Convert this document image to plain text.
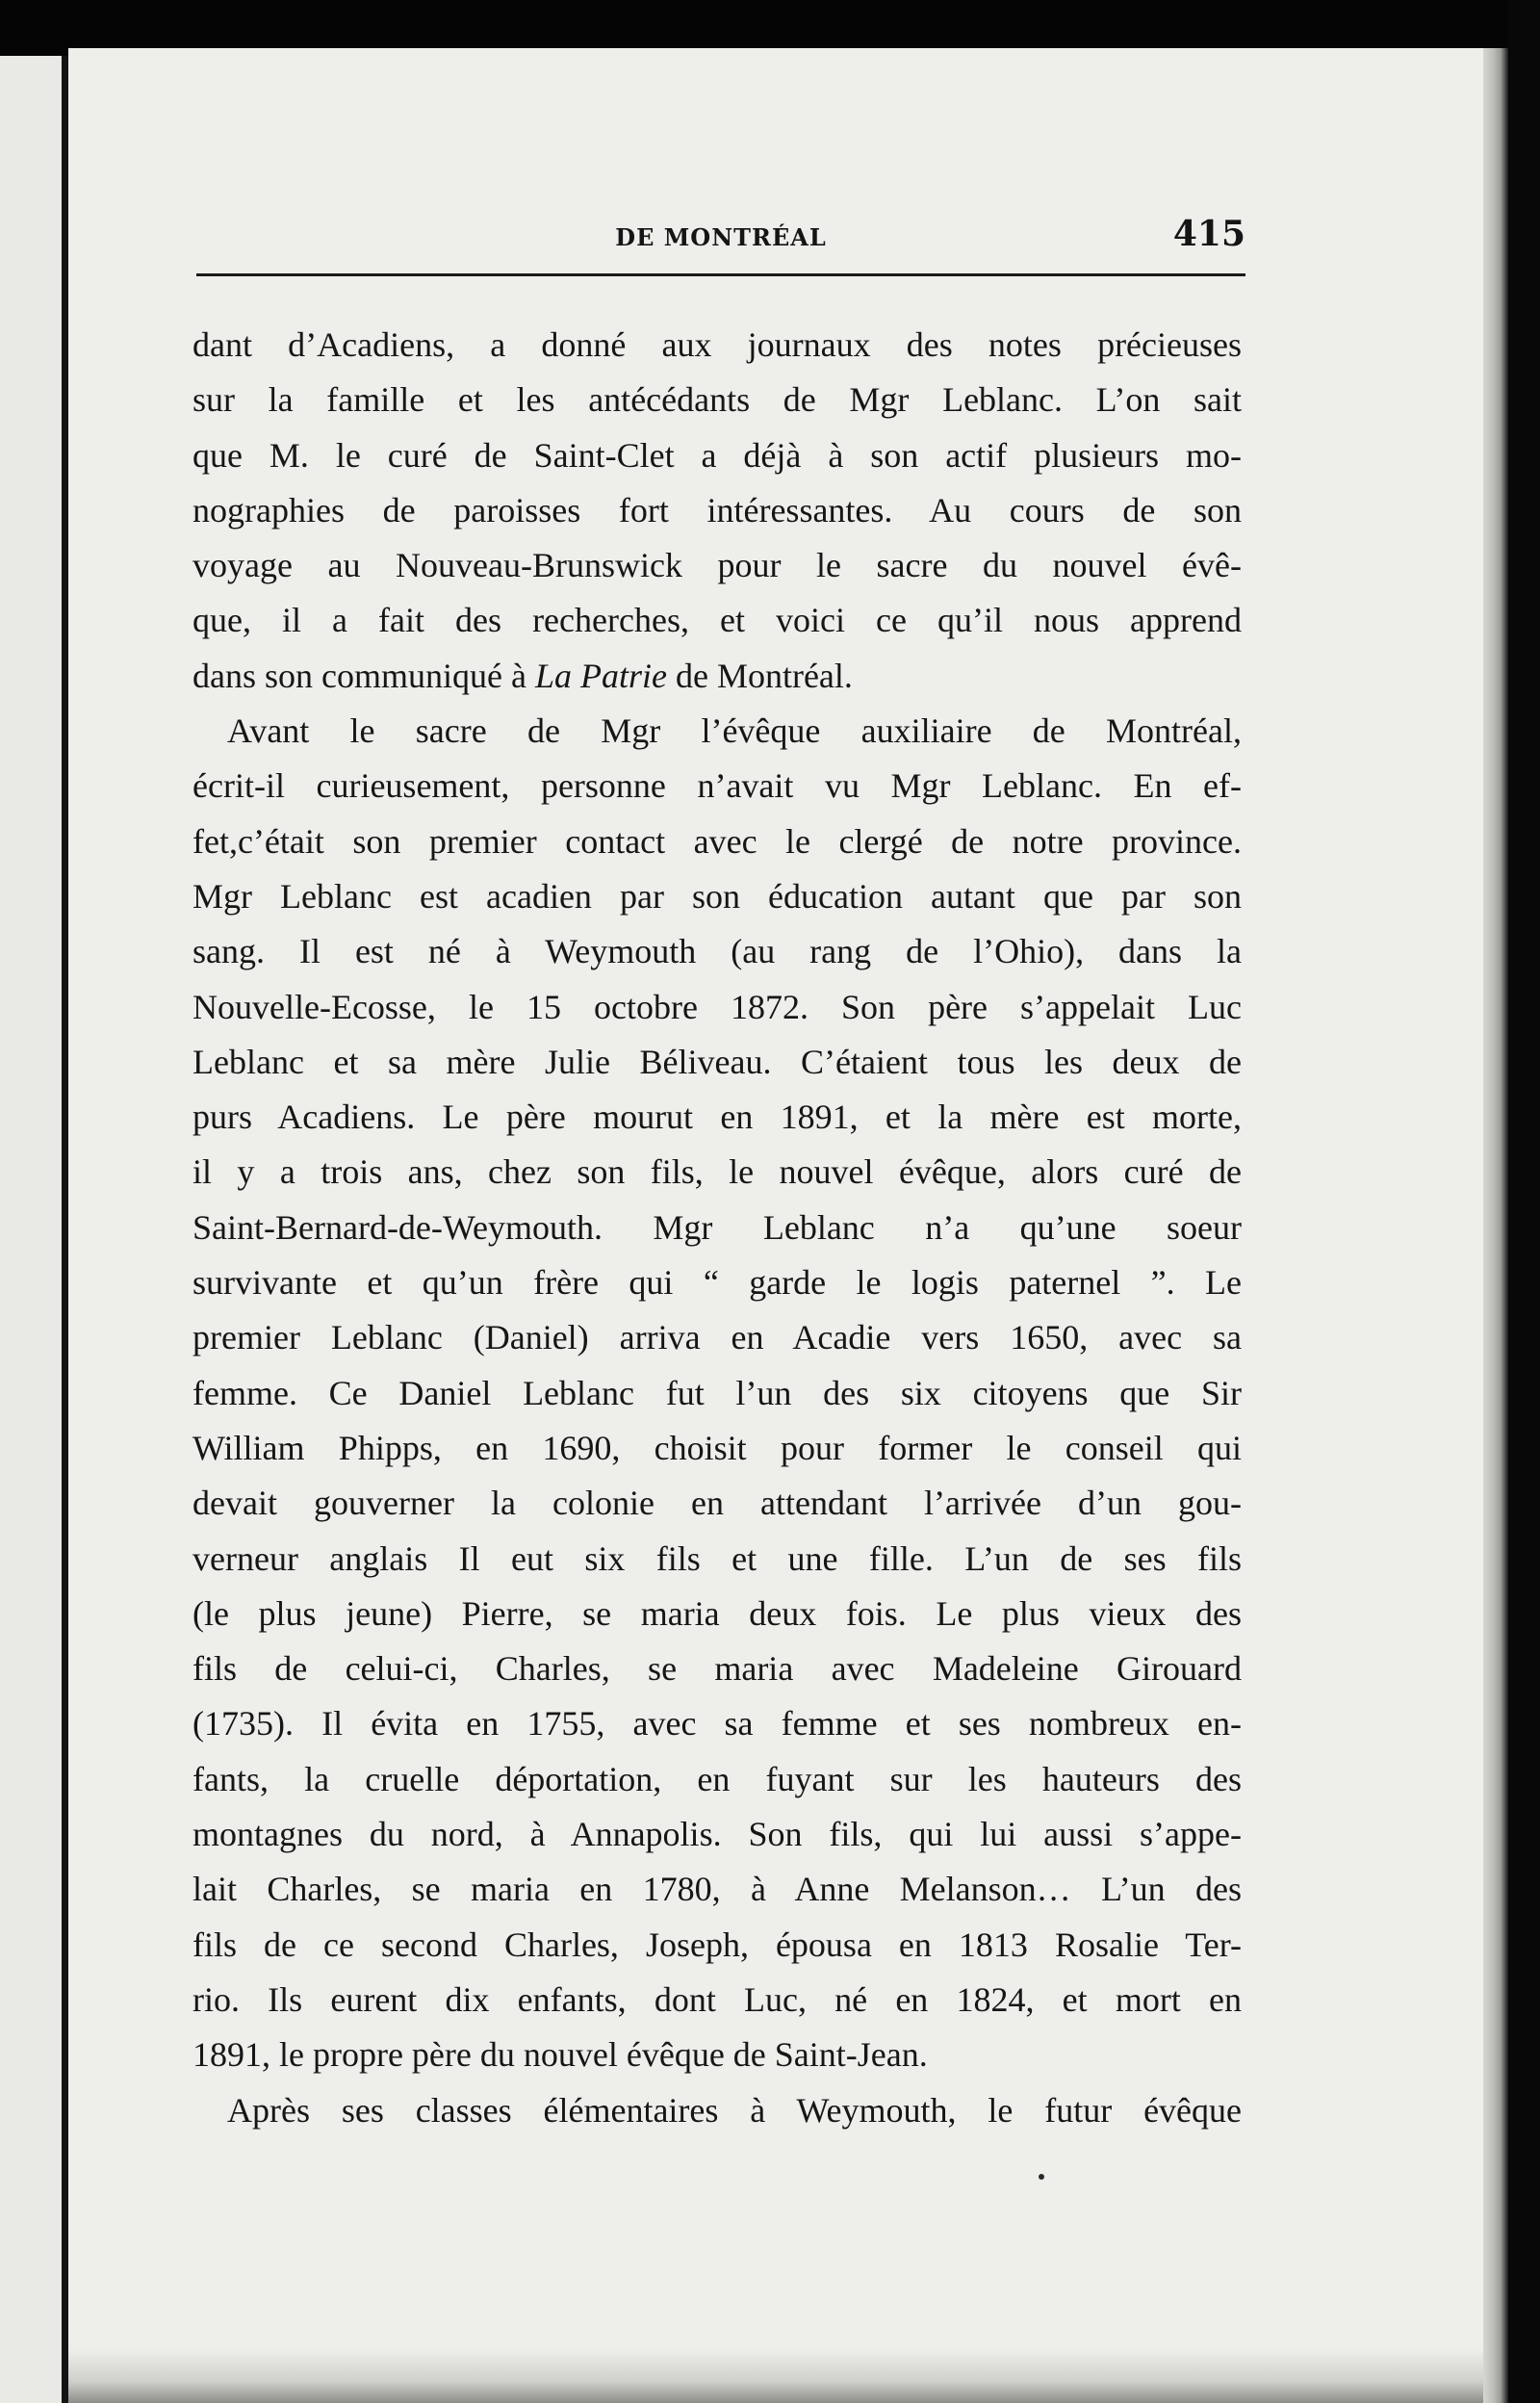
DE MONTRÉAL	415
dant d’Acadiens, a donné aux journaux des notes précieuses
sur la famille et les antécédants de Mgr Leblanc. L’on sait
que M. le curé de Saint-Clet a déjà à son actif plusieurs mo-
nographies de paroisses fort intéressantes. Au cours de son
voyage au Nouveau-Brunswick pour le sacre du nouvel évê-
que, il a fait des recherches, et voici ce qu’il nous apprend
dans son communiqué à La Patrie de Montréal.
Avant le sacre de Mgr l’évêque auxiliaire de Montréal,
écrit-il curieusement, personne n’avait vu Mgr Leblanc. En ef-
fet,c’était son premier contact avec le clergé de notre province.
Mgr Leblanc est acadien par son éducation autant que par son
sang. Il est né à Weymouth (au rang de l’Ohio), dans la
Nouvelle-Ecosse, le 15 octobre 1872. Son père s’appelait Luc
Leblanc et sa mère Julie Béliveau. C’étaient tous les deux de
purs Acadiens. Le père mourut en 1891, et la mère est morte,
il y a trois ans, chez son fils, le nouvel évêque, alors curé de
Saint-Bernard-de-Weymouth. Mgr Leblanc n’a qu’une soeur
survivante et qu’un frère qui “ garde le logis paternel ”. Le
premier Leblanc (Daniel) arriva en Acadie vers 1650, avec sa
femme. Ce Daniel Leblanc fut l’un des six citoyens que Sir
William Phipps, en 1690, choisit pour former le conseil qui
devait gouverner la colonie en attendant l’arrivée d’un gou-
verneur anglais Il eut six fils et une fille. L’un de ses fils
(le plus jeune) Pierre, se maria deux fois. Le plus vieux des
fils de celui-ci, Charles, se maria avec Madeleine Girouard
(1735). Il évita en 1755, avec sa femme et ses nombreux en-
fants, la cruelle déportation, en fuyant sur les hauteurs des
montagnes du nord, à Annapolis. Son fils, qui lui aussi s’appe-
lait Charles, se maria en 1780, à Anne Melanson… L’un des
fils de ce second Charles, Joseph, épousa en 1813 Rosalie Ter-
rio. Ils eurent dix enfants, dont Luc, né en 1824, et mort en
1891, le propre père du nouvel évêque de Saint-Jean.
Après ses classes élémentaires à Weymouth, le futur évêque
